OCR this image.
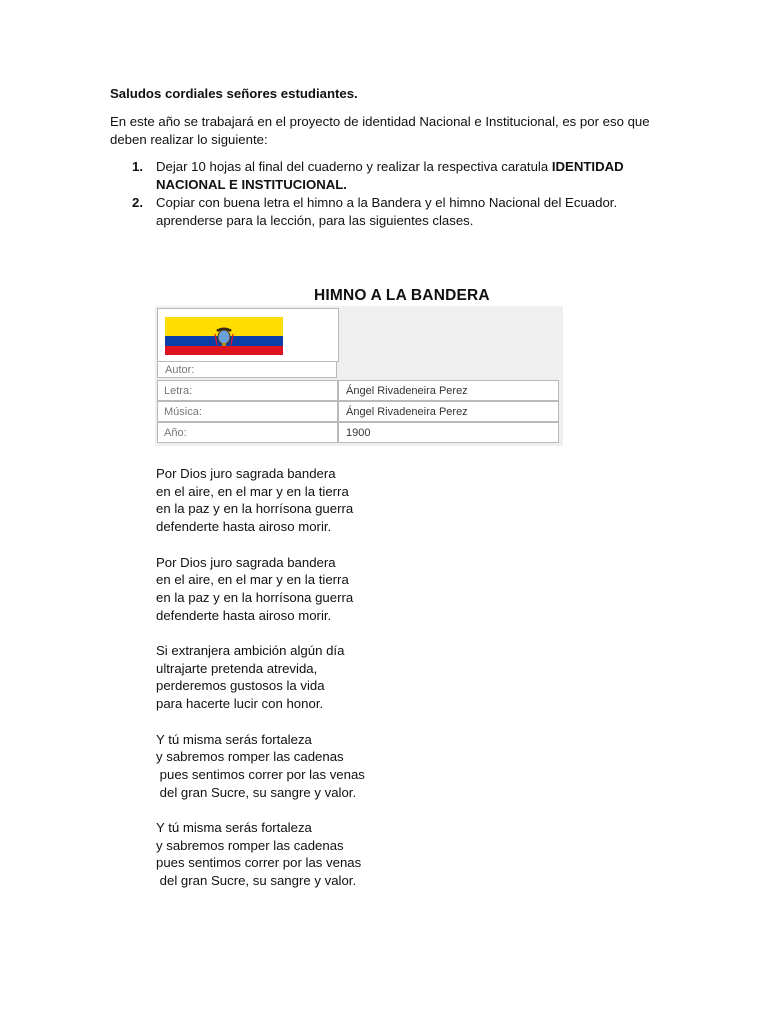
Saludos cordiales señores estudiantes.
En este año se trabajará en el proyecto de identidad Nacional e Institucional, es por eso que deben realizar lo siguiente:
1. Dejar 10 hojas al final del cuaderno y realizar la respectiva caratula IDENTIDAD NACIONAL E INSTITUCIONAL.
2. Copiar con buena letra el himno a la Bandera y el himno Nacional del Ecuador. aprenderse para la lección, para las siguientes clases.
HIMNO A LA BANDERA
Autor:
Letra:	Ángel Rivadeneira Perez
Música:	Ángel Rivadeneira Perez
Año:	1900
Por Dios juro sagrada bandera
en el aire, en el mar y en la tierra
en la paz y en la horrísona guerra
defenderte hasta airoso morir.
Por Dios juro sagrada bandera
en el aire, en el mar y en la tierra
en la paz y en la horrísona guerra
defenderte hasta airoso morir.
Si extranjera ambición algún día
ultrajarte pretenda atrevida,
perderemos gustosos la vida
para hacerte lucir con honor.
Y tú misma serás fortaleza
y sabremos romper las cadenas
pues sentimos correr por las venas
del gran Sucre, su sangre y valor.
Y tú misma serás fortaleza
y sabremos romper las cadenas
pues sentimos correr por las venas
del gran Sucre, su sangre y valor.
